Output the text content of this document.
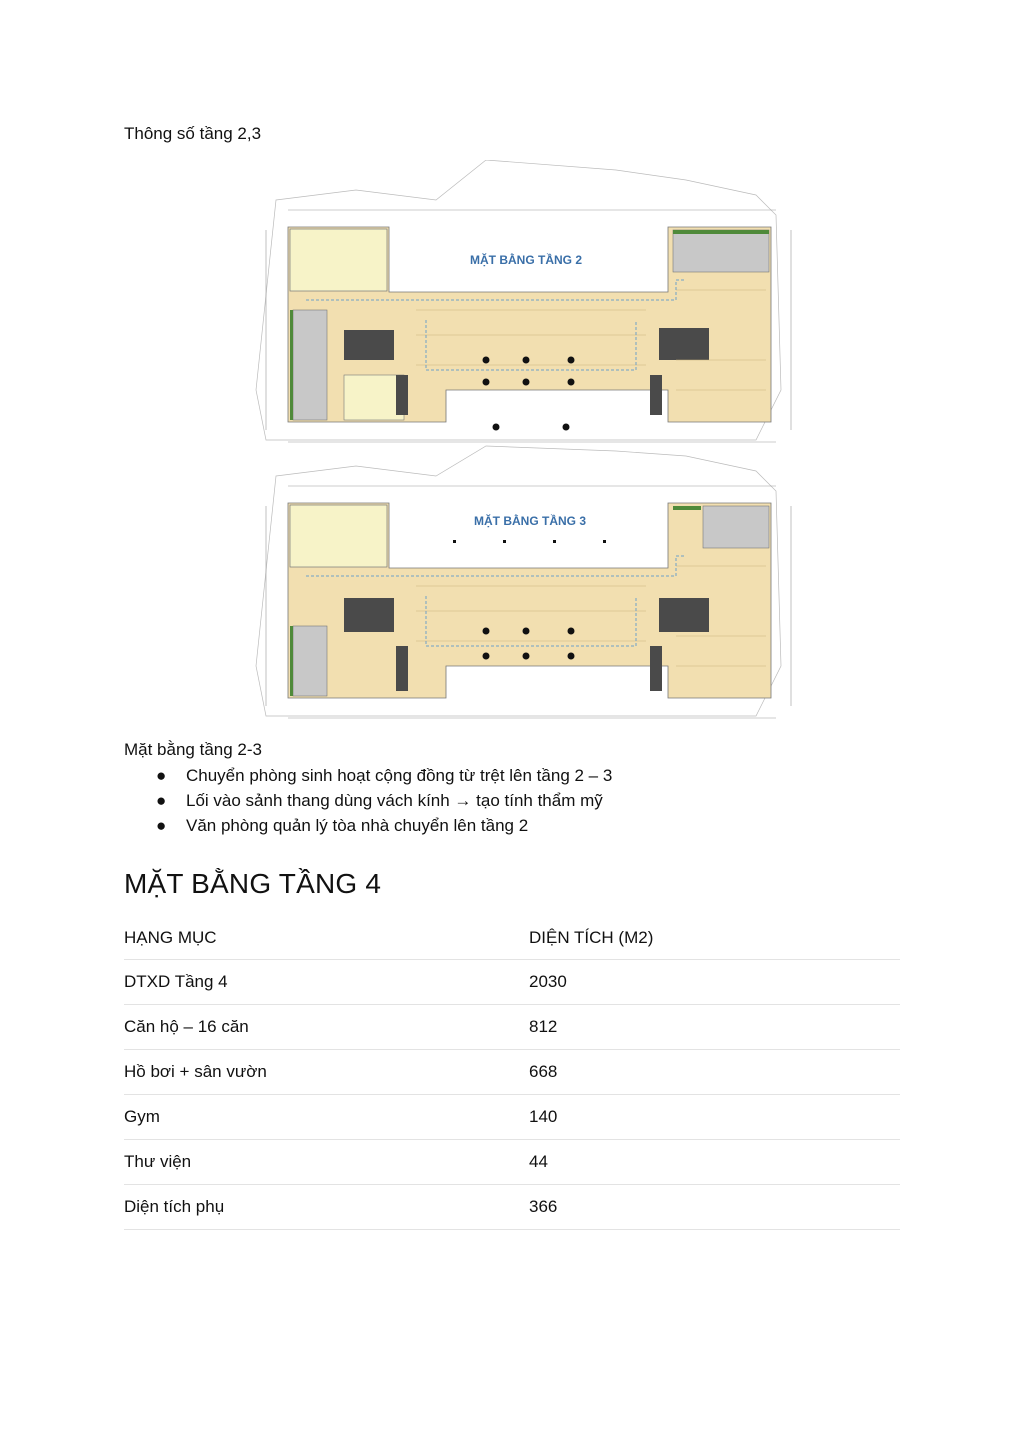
Thông số tầng 2,3
MẶT BẰNG TẦNG 2
MẶT BẰNG TẦNG 3
Mặt bằng tầng 2-3
● Chuyển phòng sinh hoạt cộng đồng từ trệt lên tầng 2 – 3
● Lối vào sảnh thang dùng vách kính → tạo tính thẩm mỹ
● Văn phòng quản lý tòa nhà chuyển lên tầng 2
MẶT BẰNG TẦNG 4
HẠNG MỤC	DIỆN TÍCH (M2)
DTXD Tầng 4	2030
Căn hộ – 16 căn	812
Hồ bơi + sân vườn	668
Gym	140
Thư viện	44
Diện tích phụ	366
